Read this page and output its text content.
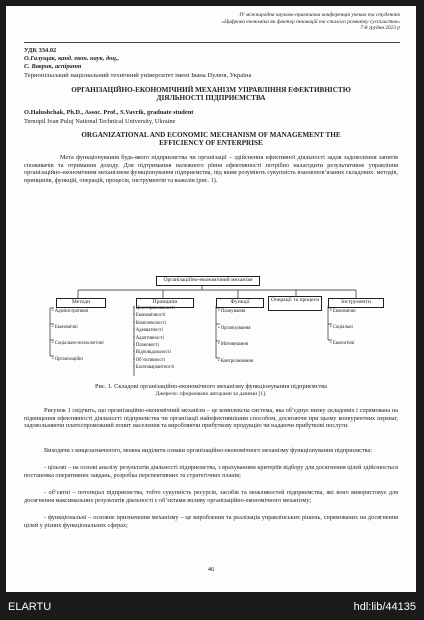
IV міжнародна науково-практична конференція учених та студентів
«Цифрова економіка як фактор інновацій та сталого розвитку суспільства»
7-8 грудня 2023 р
УДК 334.02
О.Галущак, канд. екон. наук, доц.,
С. Ваврик, аспірант
Тернопільський національний технічний університет імені Івана Пулюя, Україна
ОРГАНІЗАЦІЙНО-ЕКОНОМІЧНИЙ МЕХАНІЗМ УПРАВЛІННЯ ЕФЕКТИВНІСТЮ
ДІЯЛЬНОСТІ ПІДПРИЄМСТВА
O.Halushchak, Ph.D., Assoc. Prof., S.Vavrik, graduate student
Ternopil Ivan Puluj National Technical University, Ukraine
ORGANIZATIONAL AND ECONOMIC MECHANISM OF MANAGEMENT THE
EFFICIENCY OF ENTERPRISE
Мета функціонування будь-якого підприємства чи організації – здійснення ефективної діяльності задля задоволення запитів споживачів та отримання доходу. Для підтримання належного рівня ефективності потрібно налагодити результативне управління організаційно-економічним механізмом функціонування підприємства, під яким розуміють сукупність взаємопов’язаних складових: методів, принципів, функцій, операцій, процесів, інструментів та важелів (рис. 1).
Організаційно-економічний механізм
Методи	Принципи	Функції	Операції та процеси	Інструменти
• Адміністративні
• Економічні
• Соціально-психологічні
• Організаційні
• Цілеспрямованості
• Економічності
• Комплексності
• Адекватності
• Адаптивності
• Плановості
• Відповідальності
• Об’єктивності
• Багатоваріантності
• Планування
• Організування
• Мотивування
• Контролювання
• Економічні
• Соціальні
• Екологічні
Рис. 1. Складові організаційно-економічного механізму функціонування підприємства
Джерело: сформовано авторами за даними [1].
Рисунок 1 свідчить, що організаційно-економічний механізм – це комплексна система, яка об’єднує низку складових і спрямована на підвищення ефективності діяльності підприємства чи організації найефективнішим способом, досягаючи при цьому конкурентних переваг, задовольняючи платоспроможний попит населення та виробляючи прибуткову продукцію чи надаючи прибуткові послуги.
Виходячи з вищезазначеного, можна виділити ознаки організаційно-економічного механізму функціонування підприємства:
- цільові – на основі аналізу результатів діяльності підприємства, з врахуванням критеріїв відбору для досягнення цілей здійснюється постановка оперативних завдань, розробка перспективних та стратегічних планів;
- об’єктні – потенціал підприємства, тобто сукупність ресурсів, засобів та можливостей підприємства, які воно використовує для досягнення максимальних результатів діяльності є об’єктами впливу організаційно-економічного механізму;
- функціональні – основне призначення механізму – це вироблення та реалізація управлінських рішень, спрямованих на досягнення цілей у різних функціональних сферах;
46
ELARTU	hdl:lib/44135
